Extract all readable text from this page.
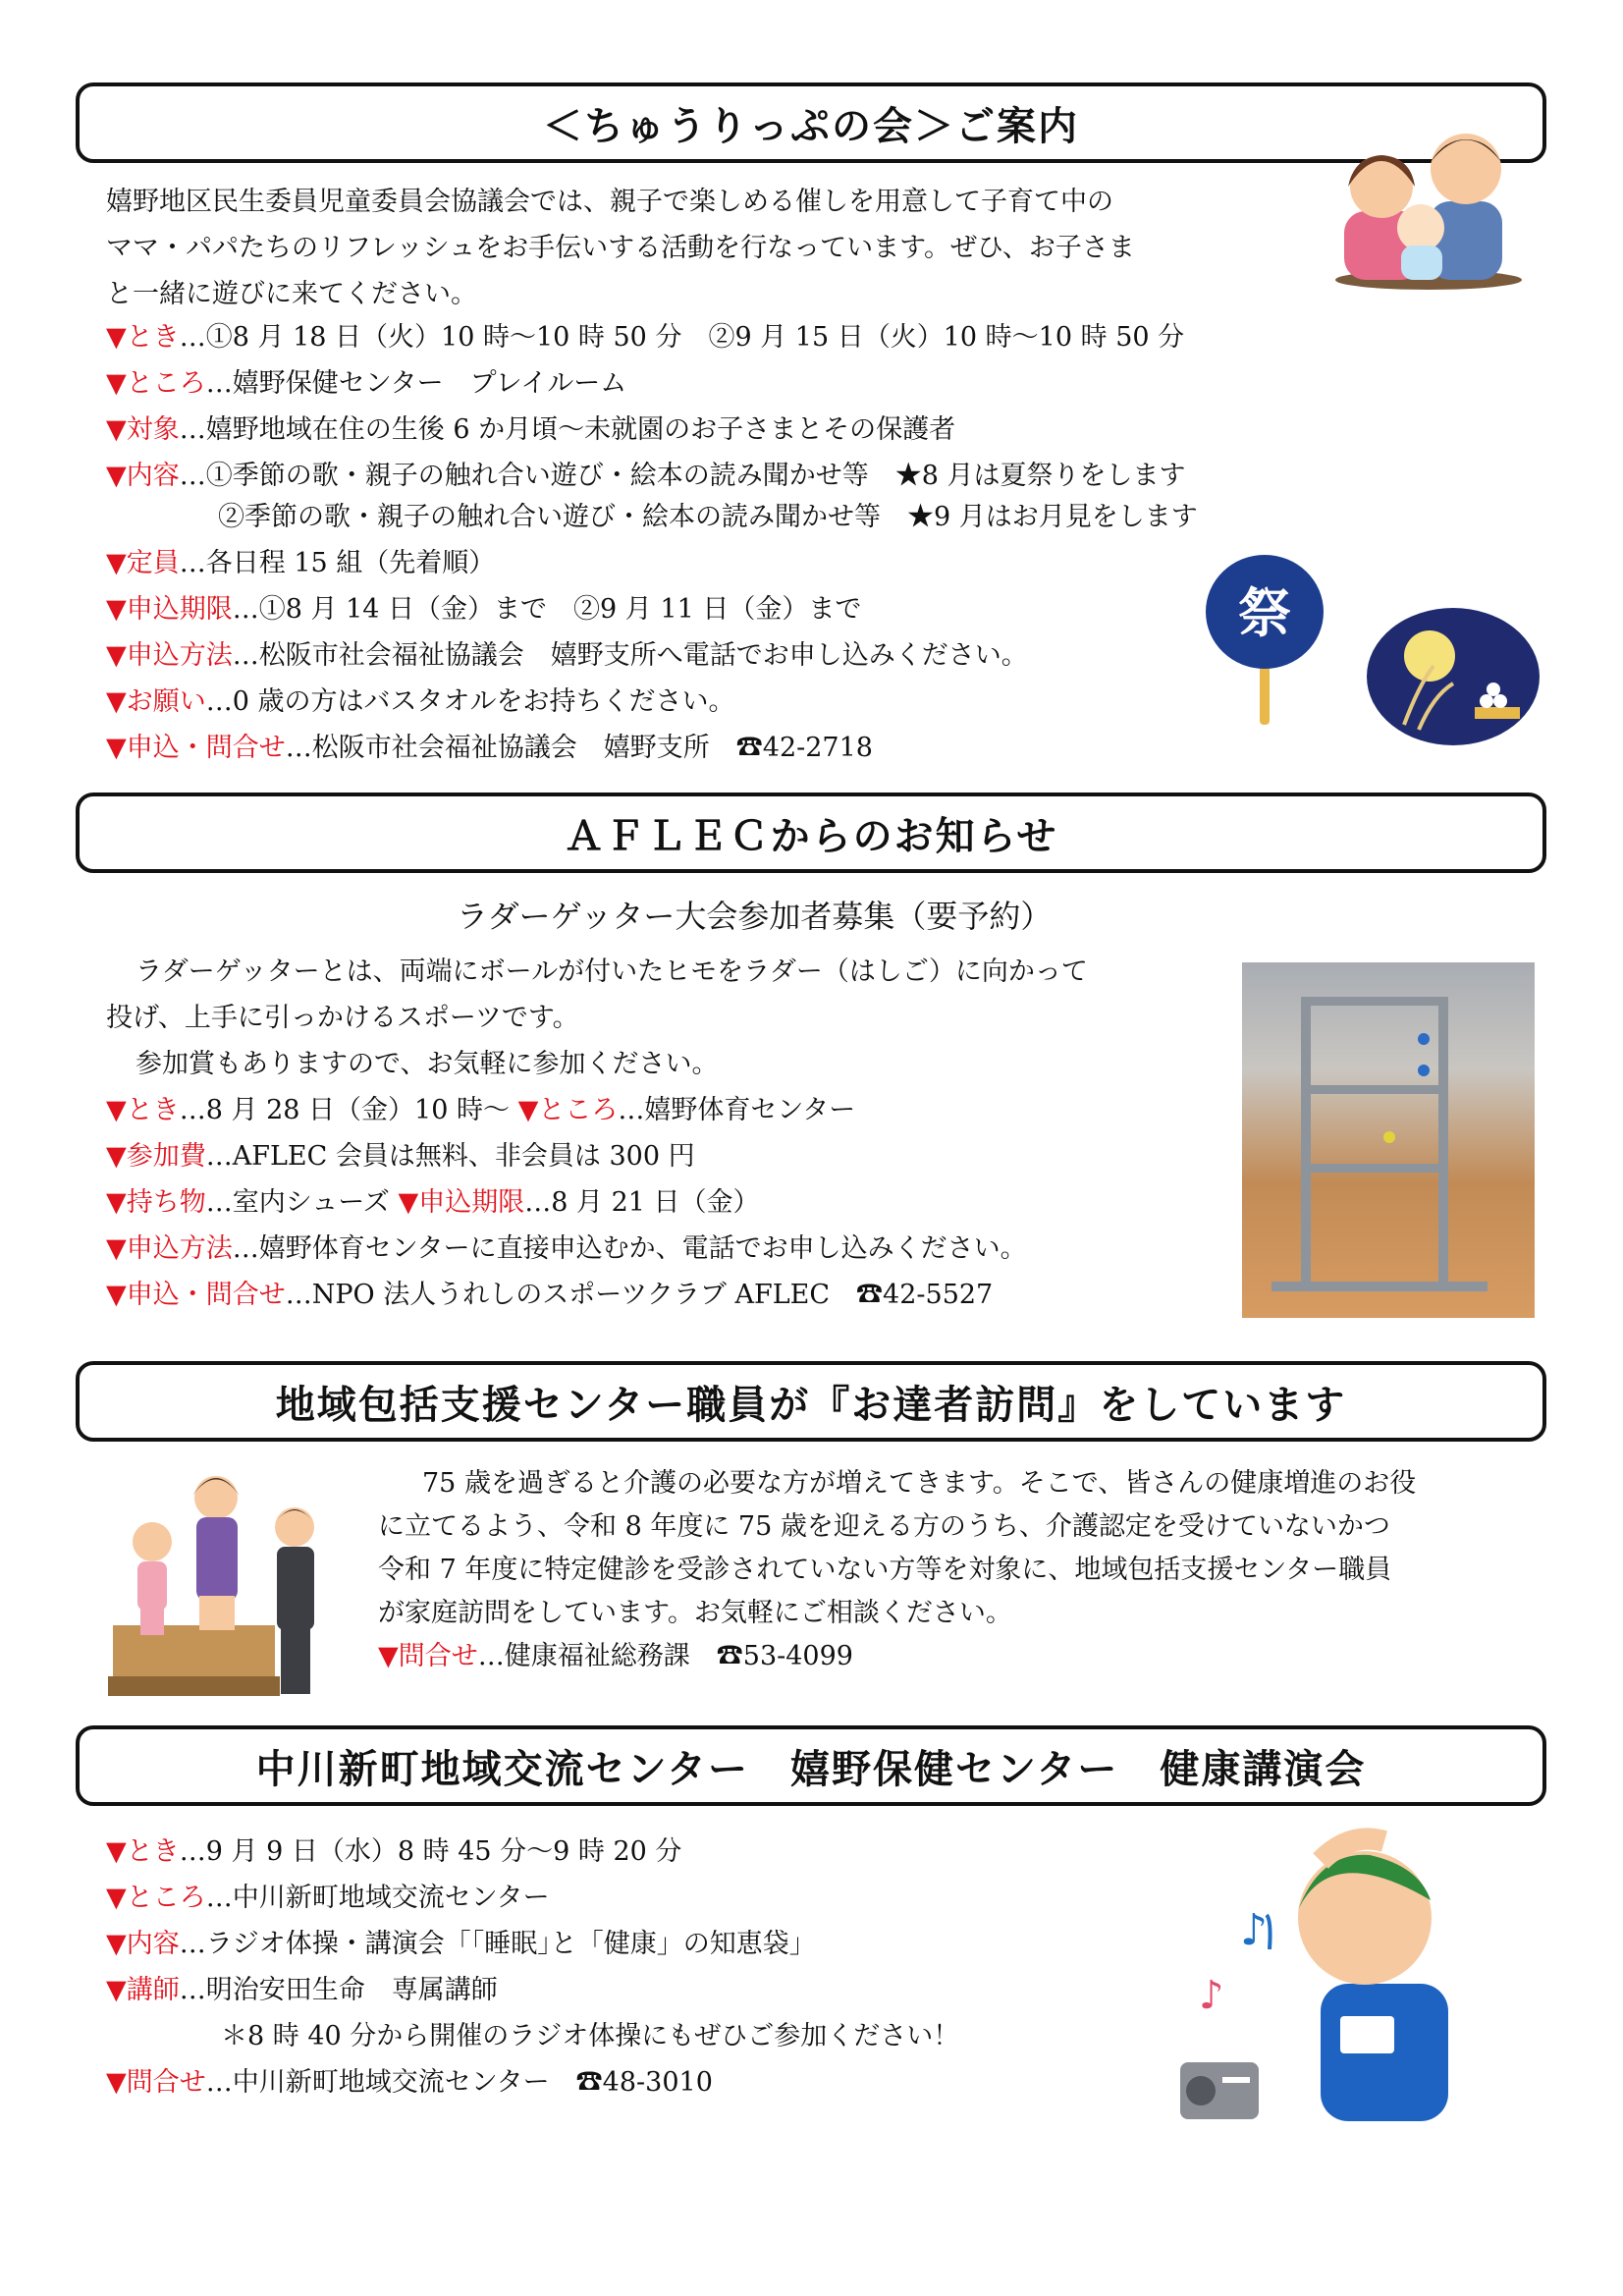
＜ちゅうりっぷの会＞ご案内
嬉野地区民生委員児童委員会協議会では、親子で楽しめる催しを用意して子育て中の
ママ・パパたちのリフレッシュをお手伝いする活動を行なっています。ぜひ、お子さま
と一緒に遊びに来てください。
▼とき…①8 月 18 日（火）10 時～10 時 50 分　②9 月 15 日（火）10 時～10 時 50 分
▼ところ…嬉野保健センター　プレイルーム
▼対象…嬉野地域在住の生後 6 か月頃～未就園のお子さまとその保護者
▼内容…①季節の歌・親子の触れ合い遊び・絵本の読み聞かせ等　★8 月は夏祭りをします
②季節の歌・親子の触れ合い遊び・絵本の読み聞かせ等　★9 月はお月見をします
▼定員…各日程 15 組（先着順）
▼申込期限…①8 月 14 日（金）まで　②9 月 11 日（金）まで
▼申込方法…松阪市社会福祉協議会　嬉野支所へ電話でお申し込みください。
▼お願い…0 歳の方はバスタオルをお持ちください。
▼申込・問合せ…松阪市社会福祉協議会　嬉野支所　☎42-2718
祭
ＡＦＬＥＣからのお知らせ
ラダーゲッター大会参加者募集（要予約）
ラダーゲッターとは、両端にボールが付いたヒモをラダー（はしご）に向かって
投げ、上手に引っかけるスポーツです。
参加賞もありますので、お気軽に参加ください。
▼とき…8 月 28 日（金）10 時～ ▼ところ…嬉野体育センター
▼参加費…AFLEC 会員は無料、非会員は 300 円
▼持ち物…室内シューズ ▼申込期限…8 月 21 日（金）
▼申込方法…嬉野体育センターに直接申込むか、電話でお申し込みください。
▼申込・問合せ…NPO 法人うれしのスポーツクラブ AFLEC　☎42-5527
地域包括支援センター職員が『お達者訪問』をしています
75 歳を過ぎると介護の必要な方が増えてきます。そこで、皆さんの健康増進のお役
に立てるよう、令和 8 年度に 75 歳を迎える方のうち、介護認定を受けていないかつ
令和 7 年度に特定健診を受診されていない方等を対象に、地域包括支援センター職員
が家庭訪問をしています。お気軽にご相談ください。
▼問合せ…健康福祉総務課　☎53-4099
中川新町地域交流センター　嬉野保健センター　健康講演会
▼とき…9 月 9 日（水）8 時 45 分～9 時 20 分
▼ところ…中川新町地域交流センター
▼内容…ラジオ体操・講演会「｢睡眠｣と「健康」の知恵袋」
▼講師…明治安田生命　専属講師
＊8 時 40 分から開催のラジオ体操にもぜひご参加ください！
▼問合せ…中川新町地域交流センター　☎48-3010
♪
♪
